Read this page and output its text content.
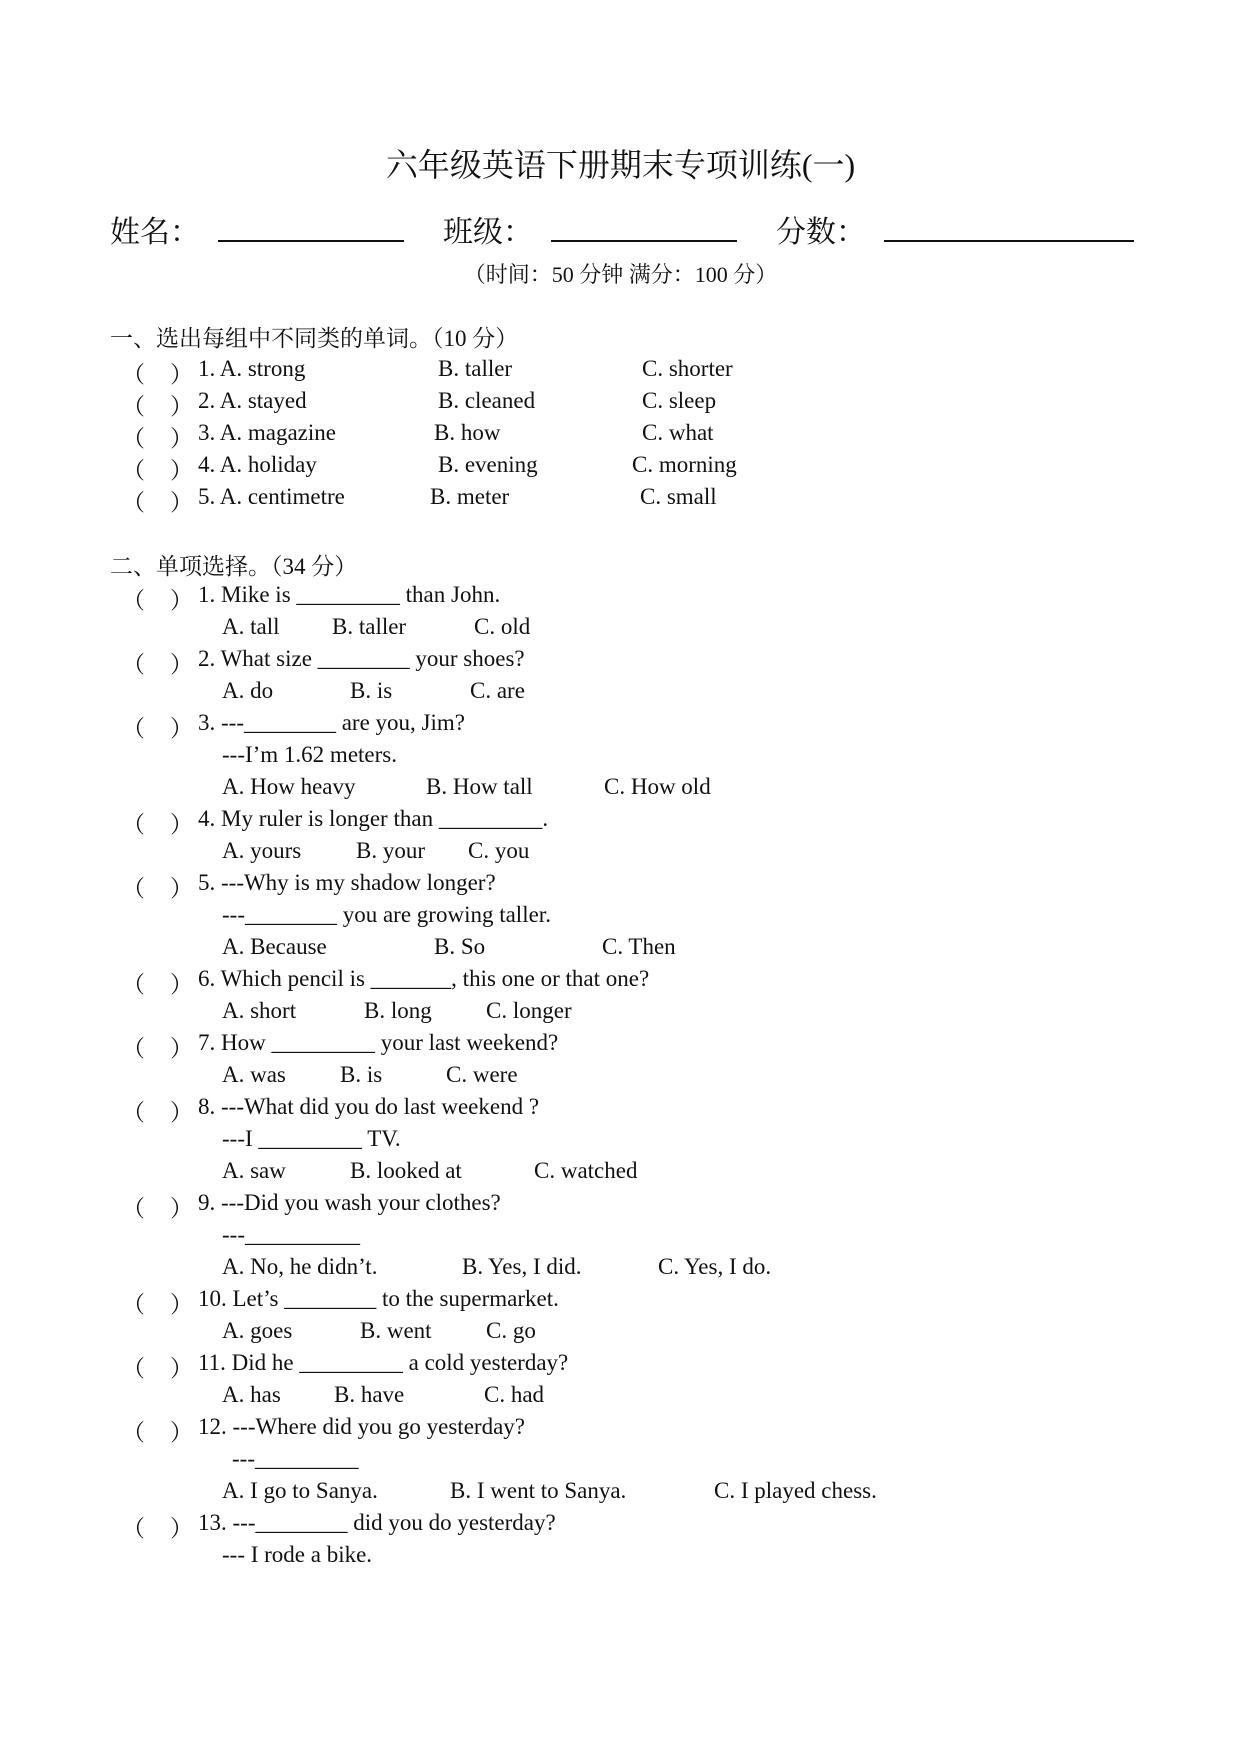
六年级英语下册期末专项训练(一)
姓名：	班级：	分数：
（时间：50 分钟 满分：100 分）
一、选出每组中不同类的单词。（10 分）
（ ） 1. A. strong	B. taller	C. shorter
（ ） 2. A. stayed	B. cleaned	C. sleep
（ ） 3. A. magazine	B. how	C. what
（ ） 4. A. holiday	B. evening	C. morning
（ ） 5. A. centimetre	B. meter	C. small
二、单项选择。（34 分）
（ ） 1. Mike is _________ than John.
A. tall B. taller	C. old
（ ） 2. What size ________ your shoes?
A. do	B. is	C. are
（ ） 3. ---________ are you, Jim?
---I’m 1.62 meters.
A. How heavy	B. How tall	C. How old
（ ） 4. My ruler is longer than _________.
A. yours B. your C. you
（ ） 5. ---Why is my shadow longer?
---________ you are growing taller.
A. Because	B. So	C. Then
（ ） 6. Which pencil is _______, this one or that one?
A. short	B. long C. longer
（ ） 7. How _________ your last weekend?
A. was B. is	C. were
（ ） 8. ---What did you do last weekend ?
---I _________ TV.
A. saw	B. looked at	C. watched
（ ） 9. ---Did you wash your clothes?
---__________
A. No, he didn’t.	B. Yes, I did.	C. Yes, I do.
（ ） 10. Let’s ________ to the supermarket.
A. goes	B. went C. go
（ ） 11. Did he _________ a cold yesterday?
A. has B. have	C. had
（ ） 12. ---Where did you go yesterday?
---_________
A. I go to Sanya.	B. I went to Sanya.	C. I played chess.
（ ） 13. ---________ did you do yesterday?
--- I rode a bike.
